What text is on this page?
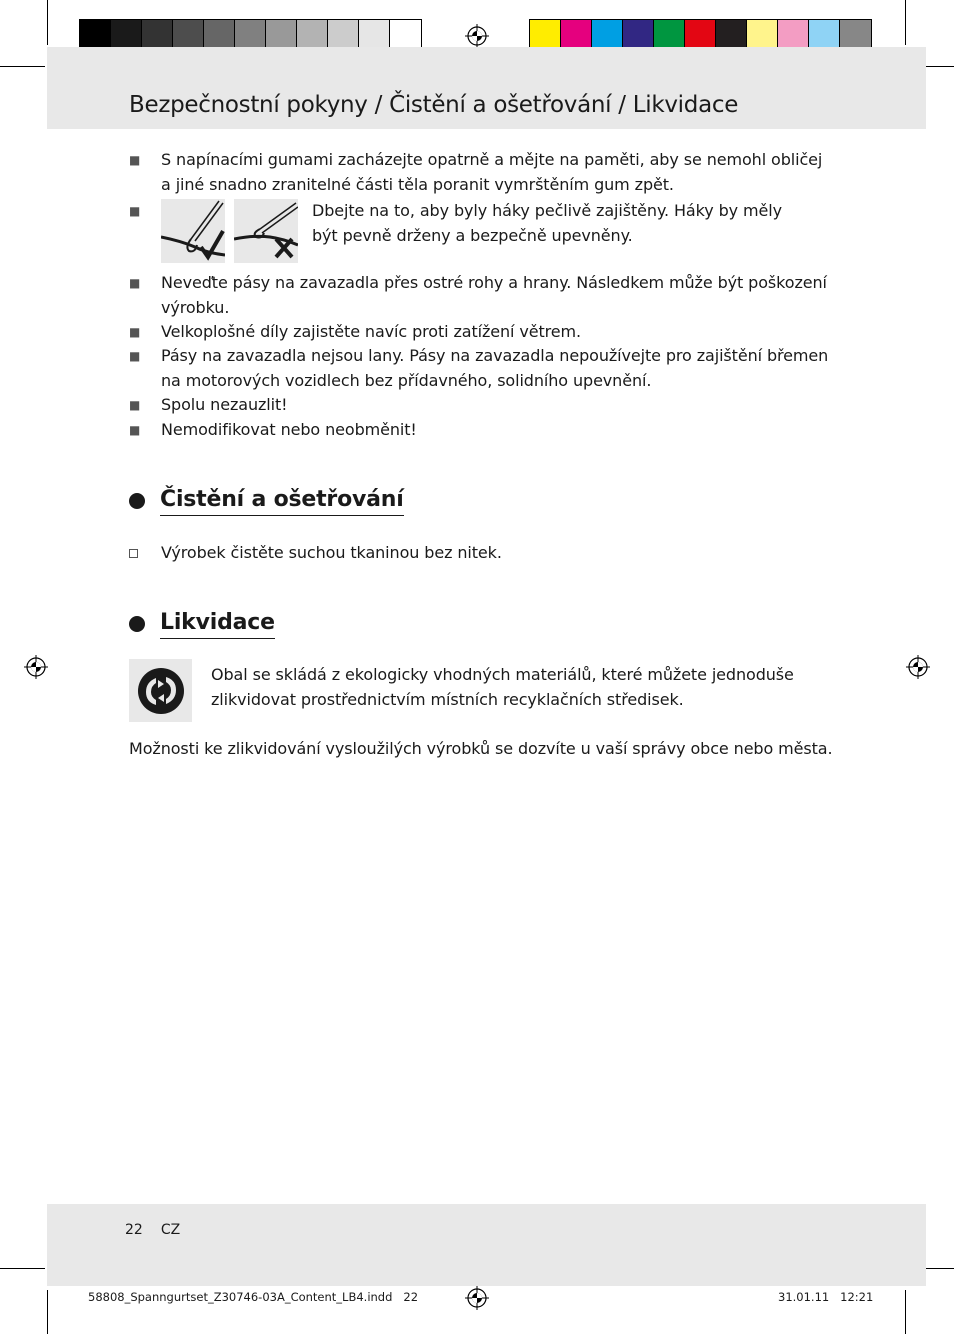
Bezpečnostní pokyny / Čistění a ošetřování / Likvidace
■ S napínacími gumami zacházejte opatrně a mějte na paměti, aby se nemohl obličej a jiné snadno zranitelné části těla poranit vymrštěním gum zpět.
■	Dbejte na to, aby byly háky pečlivě zajištěny. Háky by měly být pevně drženy a bezpečně upevněny.
■ Neveďte pásy na zavazadla přes ostré rohy a hrany. Následkem může být poškození výrobku.
■ Velkoplošné díly zajistěte navíc proti zatížení větrem.
■ Pásy na zavazadla nejsou lany. Pásy na zavazadla nepoužívejte pro zajištění břemen na motorových vozidlech bez přídavného, solidního upevnění.
■ Spolu nezauzlit!
■ Nemodifikovat nebo neobměnit!
Čistění a ošetřování
Výrobek čistěte suchou tkaninou bez nitek.
Likvidace
Obal se skládá z ekologicky vhodných materiálů, které můžete jednoduše zlikvidovat prostřednictvím místních recyklačních středisek.
Možnosti ke zlikvidování vysloužilých výrobků se dozvíte u vaší správy obce nebo města.
22 CZ
58808_Spanngurtset_Z30746-03A_Content_LB4.indd   22	31.01.11   12:21
